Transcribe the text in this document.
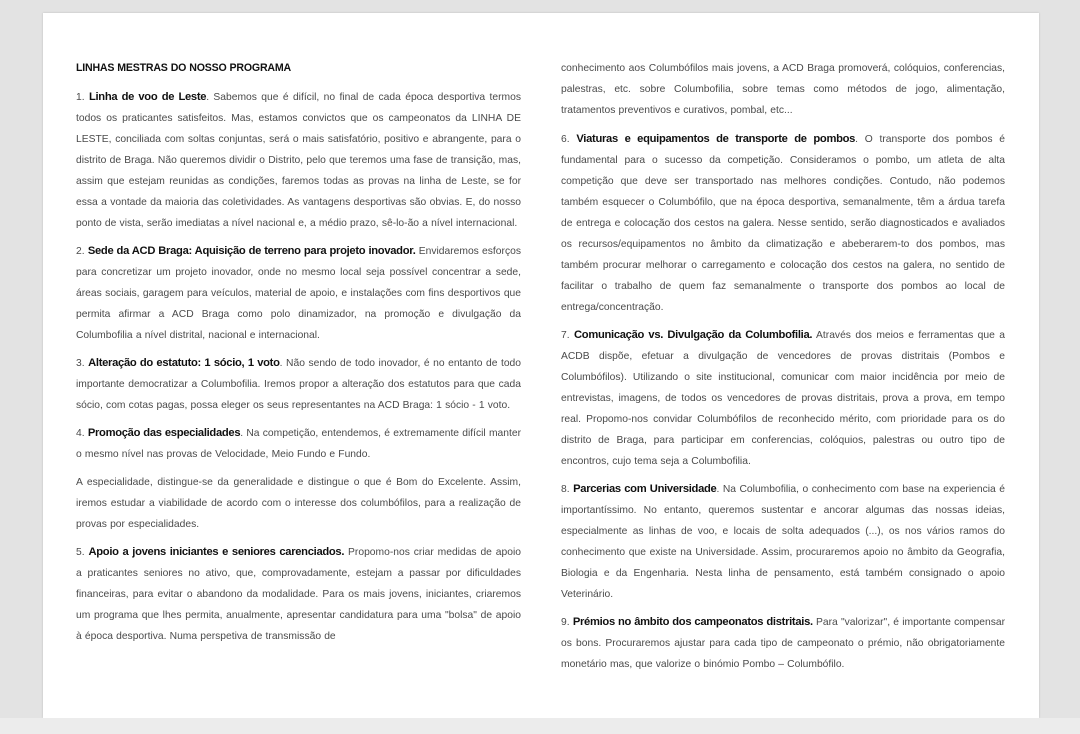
LINHAS MESTRAS DO NOSSO PROGRAMA

1. Linha de voo de Leste. Sabemos que é difícil, no final de cada época desportiva termos todos os praticantes satisfeitos. Mas, estamos convictos que os campeonatos da LINHA DE LESTE, conciliada com soltas conjuntas, será o mais satisfatório, positivo e abrangente, para o distrito de Braga. Não queremos dividir o Distrito, pelo que teremos uma fase de transição, mas, assim que estejam reunidas as condições, faremos todas as provas na linha de Leste, se for essa a vontade da maioria das coletividades. As vantagens desportivas são obvias. E, do nosso ponto de vista, serão imediatas a nível nacional e, a médio prazo, sê-lo-ão a nível internacional.

2. Sede da ACD Braga: Aquisição de terreno para projeto inovador. Envidaremos esforços para concretizar um projeto inovador, onde no mesmo local seja possível concentrar a sede, áreas sociais, garagem para veículos, material de apoio, e instalações com fins desportivos que permita afirmar a ACD Braga como polo dinamizador, na promoção e divulgação da Columbofilia a nível distrital, nacional e internacional.

3. Alteração do estatuto: 1 sócio, 1 voto. Não sendo de todo inovador, é no entanto de todo importante democratizar a Columbofilia. Iremos propor a alteração dos estatutos para que cada sócio, com cotas pagas, possa eleger os seus representantes na ACD Braga: 1 sócio - 1 voto.

4. Promoção das especialidades. Na competição, entendemos, é extremamente difícil manter o mesmo nível nas provas de Velocidade, Meio Fundo e Fundo.

A especialidade, distingue-se da generalidade e distingue o que é Bom do Excelente. Assim, iremos estudar a viabilidade de acordo com o interesse dos columbófilos, para a realização de provas por especialidades.

5. Apoio a jovens iniciantes e seniores carenciados. Propomo-nos criar medidas de apoio a praticantes seniores no ativo, que, comprovadamente, estejam a passar por dificuldades financeiras, para evitar o abandono da modalidade. Para os mais jovens, iniciantes, criaremos um programa que lhes permita, anualmente, apresentar candidatura para uma "bolsa" de apoio à época desportiva. Numa perspetiva de transmissão de

conhecimento aos Columbófilos mais jovens, a ACD Braga promoverá, colóquios, conferencias, palestras, etc. sobre Columbofilia, sobre temas como métodos de jogo, alimentação, tratamentos preventivos e curativos, pombal, etc...

6. Viaturas e equipamentos de transporte de pombos. O transporte dos pombos é fundamental para o sucesso da competição. Consideramos o pombo, um atleta de alta competição que deve ser transportado nas melhores condições. Contudo, não podemos também esquecer o Columbófilo, que na época desportiva, semanalmente, têm a árdua tarefa de entrega e colocação dos cestos na galera. Nesse sentido, serão diagnosticados e avaliados os recursos/equipamentos no âmbito da climatização e abeberarem-to dos pombos, mas também procurar melhorar o carregamento e colocação dos cestos na galera, no sentido de facilitar o trabalho de quem faz semanalmente o transporte dos pombos ao local de entrega/concentração.

7. Comunicação vs. Divulgação da Columbofilia. Através dos meios e ferramentas que a ACDB dispõe, efetuar a divulgação de vencedores de provas distritais (Pombos e Columbófilos). Utilizando o site institucional, comunicar com maior incidência por meio de entrevistas, imagens, de todos os vencedores de provas distritais, prova a prova, em tempo real. Propomo-nos convidar Columbófilos de reconhecido mérito, com prioridade para os do distrito de Braga, para participar em conferencias, colóquios, palestras ou outro tipo de encontros, cujo tema seja a Columbofilia.

8. Parcerias com Universidade. Na Columbofilia, o conhecimento com base na experiencia é importantíssimo. No entanto, queremos sustentar e ancorar algumas das nossas ideias, especialmente as linhas de voo, e locais de solta adequados (...), os nos vários ramos do conhecimento que existe na Universidade. Assim, procuraremos apoio no âmbito da Geografia, Biologia e da Engenharia. Nesta linha de pensamento, está também consignado o apoio Veterinário.

9. Prémios no âmbito dos campeonatos distritais. Para "valorizar", é importante compensar os bons. Procuraremos ajustar para cada tipo de campeonato o prémio, não obrigatoriamente monetário mas, que valorize o binómio Pombo – Columbófilo.
